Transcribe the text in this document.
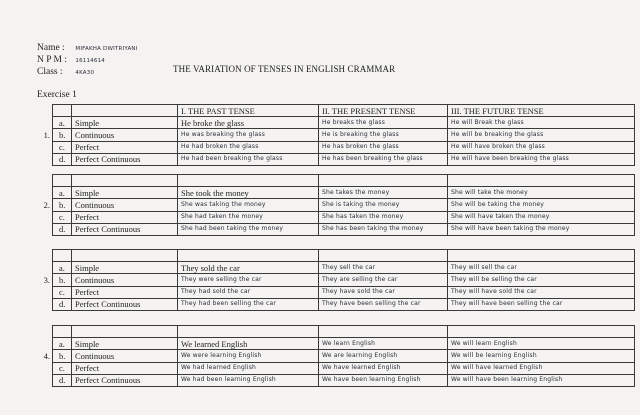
Name : MIFAKHA DWITRIYANI
N P M : 16114614
Class : 4KA30	THE VARIATION OF TENSES IN ENGLISH CRAMMAR
Exercise 1
			I. THE PAST TENSE	II. THE PRESENT TENSE	III. THE FUTURE TENSE
	a.	Simple	He broke the glass	He breaks the glass	He will Break the glass
1.	b.	Continuous	He was breaking the glass	He is breaking the glass	He will be breaking the glass
	c.	Perfect	He had broken the glass	He has broken the glass	He will have broken the glass
	d.	Perfect Continuous	He had been breaking the glass	He has been breaking the glass	He will have been breaking the glass

	a.	Simple	She took the money	She takes the money	She will take the money
2.	b.	Continuous	She was taking the money	She is taking the money	She will be taking the money
	c.	Perfect	She had taken the money	She has taken the money	She will have taken the money
	d.	Perfect Continuous	She had been taking the money	She has been taking the money	She will have been taking the money

	a.	Simple	They sold the car	They sell the car	They will sell the car
3.	b.	Continuous	They were selling the car	They are selling the car	They will be selling the car
	c.	Perfect	They had sold the car	They have sold the car	They will have sold the car
	d.	Perfect Continuous	They had been selling the car	They have been selling the car	They will have been selling the car

	a.	Simple	We learned English	We learn English	We will learn English
4.	b.	Continuous	We were learning English	We are learning English	We will be learning English
	c.	Perfect	We had learned English	We have learned English	We will have learned English
	d.	Perfect Continuous	We had been learning English	We have been learning English	We will have been learning English
